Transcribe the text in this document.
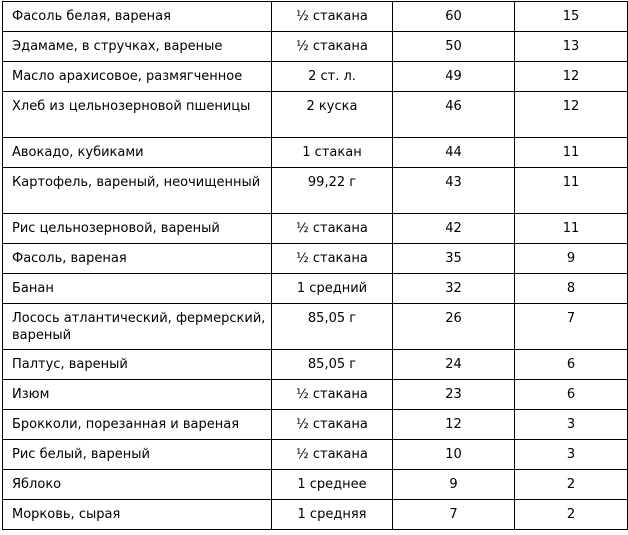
Фасоль белая, вареная	½ стакана	60	15
Эдамаме, в стручках, вареные	½ стакана	50	13
Масло арахисовое, размягченное	2 ст. л.	49	12
Хлеб из цельнозерновой пшеницы	2 куска	46	12
Авокадо, кубиками	1 стакан	44	11
Картофель, вареный, неочищенный	99,22 г	43	11
Рис цельнозерновой, вареный	½ стакана	42	11
Фасоль, вареная	½ стакана	35	9
Банан	1 средний	32	8
Лосось атлантический, фермерский, вареный	85,05 г	26	7
Палтус, вареный	85,05 г	24	6
Изюм	½ стакана	23	6
Брокколи, порезанная и вареная	½ стакана	12	3
Рис белый, вареный	½ стакана	10	3
Яблоко	1 среднее	9	2
Морковь, сырая	1 средняя	7	2
